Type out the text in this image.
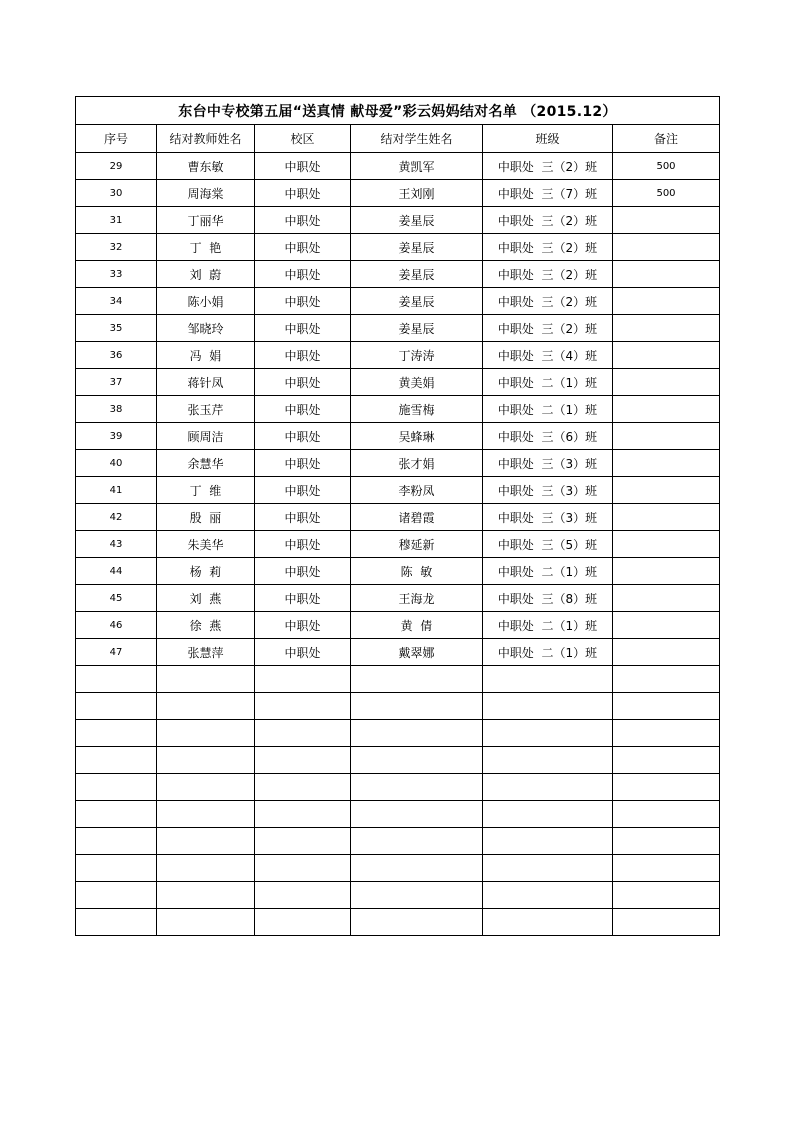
东台中专校第五届“送真情 献母爱”彩云妈妈结对名单 （2015.12）					
序号	结对教师姓名	校区	结对学生姓名	班级	备注
29	曹东敏	中职处	黄凯军	中职处  三（2）班	500
30	周海棠	中职处	王刘刚	中职处  三（7）班	500
31	丁丽华	中职处	姜星辰	中职处  三（2）班	
32	丁  艳	中职处	姜星辰	中职处  三（2）班	
33	刘  蔚	中职处	姜星辰	中职处  三（2）班	
34	陈小娟	中职处	姜星辰	中职处  三（2）班	
35	邹晓玲	中职处	姜星辰	中职处  三（2）班	
36	冯  娟	中职处	丁涛涛	中职处  三（4）班	
37	蒋针凤	中职处	黄美娟	中职处  二（1）班	
38	张玉芹	中职处	施雪梅	中职处  二（1）班	
39	顾周洁	中职处	吴蜂琳	中职处  三（6）班	
40	余慧华	中职处	张才娟	中职处  三（3）班	
41	丁  维	中职处	李粉凤	中职处  三（3）班	
42	殷  丽	中职处	诸碧霞	中职处  三（3）班	
43	朱美华	中职处	穆延新	中职处  三（5）班	
44	杨  莉	中职处	陈  敏	中职处  二（1）班	
45	刘  燕	中职处	王海龙	中职处  三（8）班	
46	徐  燕	中职处	黄  倩	中职处  二（1）班	
47	张慧萍	中职处	戴翠娜	中职处  二（1）班	
